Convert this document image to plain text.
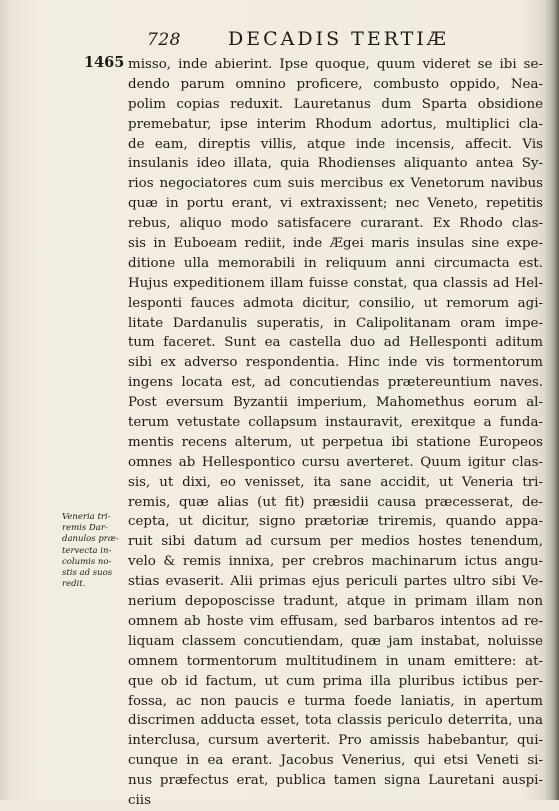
728 DECADIS TERTIÆ
1465 misso, inde abierint. Ipse quoque, quum videret se ibi se-
dendo parum omnino proficere, combusto oppido, Nea-
polim copias reduxit. Lauretanus dum Sparta obsidione
premebatur, ipse interim Rhodum adortus, multiplici cla-
de eam, direptis villis, atque inde incensis, affecit. Vis
insulanis ideo illata, quia Rhodienses aliquanto antea Sy-
rios negociatores cum suis mercibus ex Venetorum navibus
quæ in portu erant, vi extraxissent; nec Veneto, repetitis
rebus, aliquo modo satisfacere curarant. Ex Rhodo clas-
sis in Euboeam rediit, inde Ægei maris insulas sine expe-
ditione ulla memorabili in reliquum anni circumacta est.
Hujus expeditionem illam fuisse constat, qua classis ad Hel-
lesponti fauces admota dicitur, consilio, ut remorum agi-
litate Dardanulis superatis, in Calipolitanam oram impe-
tum faceret. Sunt ea castella duo ad Hellesponti aditum
sibi ex adverso respondentia. Hinc inde vis tormentorum
ingens locata est, ad concutiendas prætereuntium naves.
Post eversum Byzantii imperium, Mahomethus eorum al-
terum vetustate collapsum instauravit, erexitque a funda-
mentis recens alterum, ut perpetua ibi statione Europeos
omnes ab Hellespontico cursu averteret. Quum igitur clas-
sis, ut dixi, eo venisset, ita sane accidit, ut Veneria tri-
remis, quæ alias (ut fit) præsidii causa præcesserat, de-
cepta, ut dicitur, signo prætoriæ triremis, quando appa-
ruit sibi datum ad cursum per medios hostes tenendum,
velo & remis innixa, per crebros machinarum ictus angu-
stias evaserit. Alii primas ejus periculi partes ultro sibi Ve-
nerium depoposcisse tradunt, atque in primam illam non
omnem ab hoste vim effusam, sed barbaros intentos ad re-
liquam classem concutiendam, quæ jam instabat, noluisse
omnem tormentorum multitudinem in unam emittere: at-
que ob id factum, ut cum prima illa pluribus ictibus per-
fossa, ac non paucis e turma foede laniatis, in apertum
discrimen adducta esset, tota classis periculo deterrita, una
interclusa, cursum averterit. Pro amissis habebantur, qui-
cunque in ea erant. Jacobus Venerius, qui etsi Veneti si-
nus præfectus erat, publica tamen signa Lauretani auspi-
ciis
Veneria tri-
remis Dar-
danulos præ-
tervecta in-
columis no-
stis ad suos
redit.
